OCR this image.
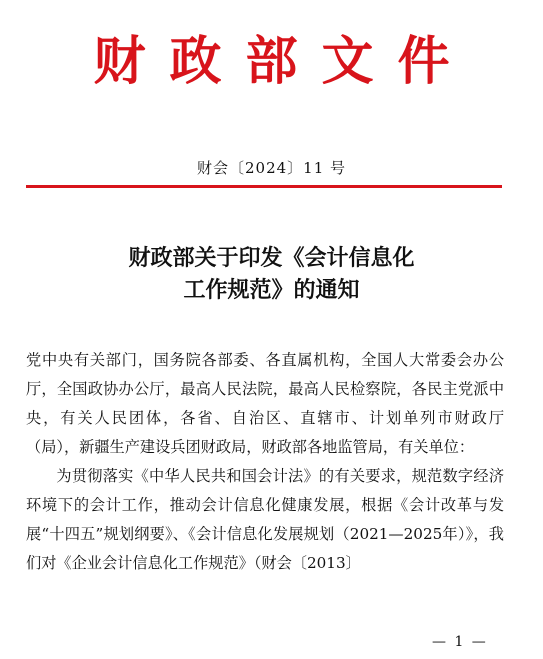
财政部文件
财会〔2024〕11 号
财政部关于印发《会计信息化
工作规范》的通知

党中央有关部门，国务院各部委、各直属机构，全国人大常委会办公厅，全国政协办公厅，最高人民法院，最高人民检察院，各民主党派中央，有关人民团体，各省、自治区、直辖市、计划单列市财政厅（局），新疆生产建设兵团财政局，财政部各地监管局，有关单位：

为贯彻落实《中华人民共和国会计法》的有关要求，规范数字经济环境下的会计工作，推动会计信息化健康发展，根据《会计改革与发展“十四五”规划纲要》、《会计信息化发展规划（2021—2025年）》，我们对《企业会计信息化工作规范》（财会〔2013〕

— 1 —
